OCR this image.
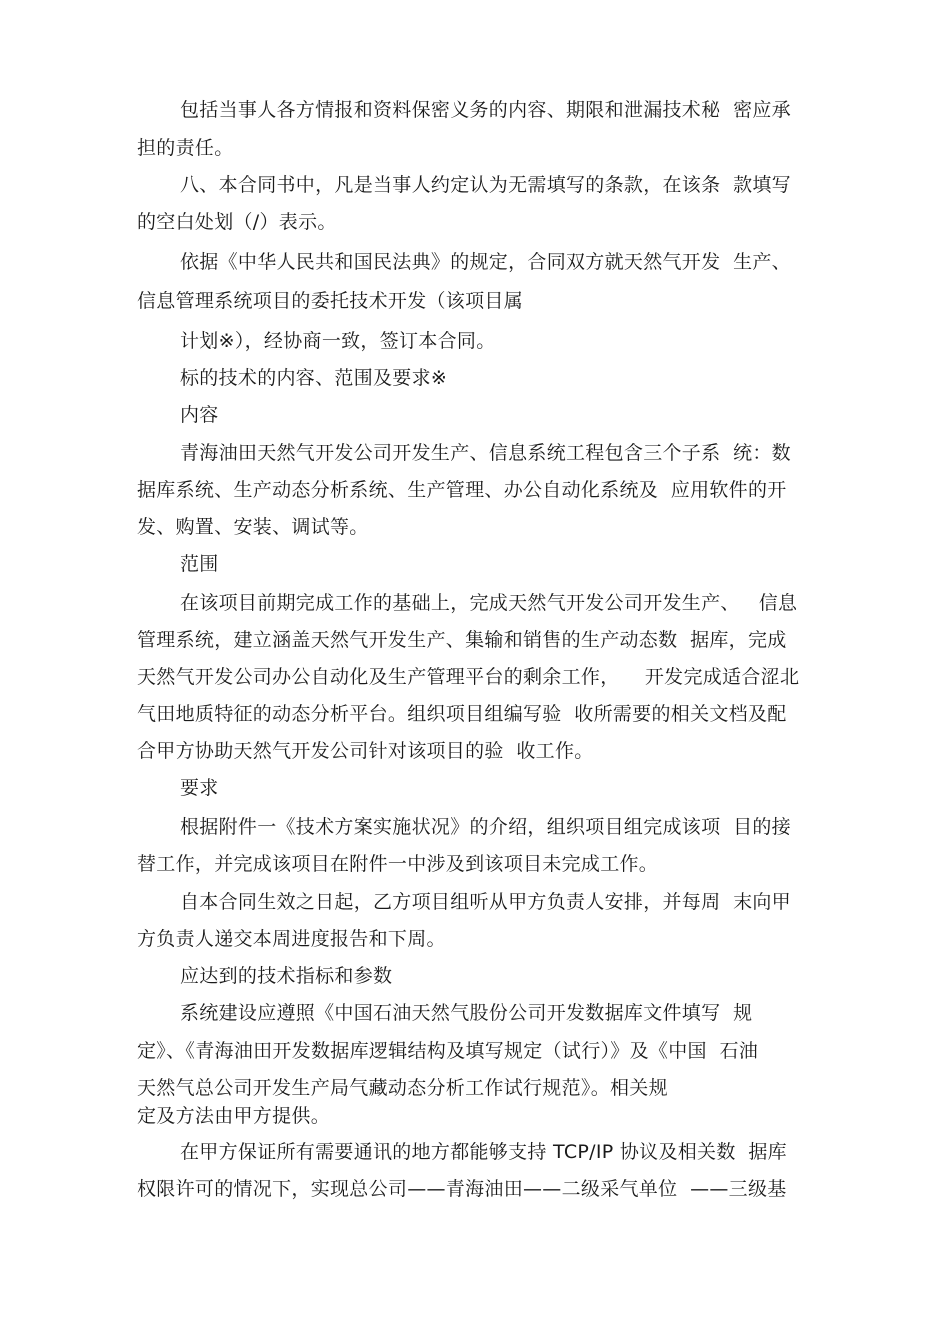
包括当事人各方情报和资料保密义务的内容、期限和泄漏技术秘  密应承
担的责任。
八、本合同书中，凡是当事人约定认为无需填写的条款，在该条  款填写
的空白处划（/）表示。
依据《中华人民共和国民法典》的规定，合同双方就天然气开发  生产、
信息管理系统项目的委托技术开发（该项目属
计划※），经协商一致，签订本合同。
标的技术的内容、范围及要求※
内容
青海油田天然气开发公司开发生产、信息系统工程包含三个子系  统：数
据库系统、生产动态分析系统、生产管理、办公自动化系统及  应用软件的开
发、购置、安装、调试等。
范围
在该项目前期完成工作的基础上，完成天然气开发公司开发生产、   信息
管理系统，建立涵盖天然气开发生产、集输和销售的生产动态数  据库，完成
天然气开发公司办公自动化及生产管理平台的剩余工作，    开发完成适合涩北
气田地质特征的动态分析平台。组织项目组编写验  收所需要的相关文档及配
合甲方协助天然气开发公司针对该项目的验  收工作。
要求
根据附件一《技术方案实施状况》的介绍，组织项目组完成该项  目的接
替工作，并完成该项目在附件一中涉及到该项目未完成工作。
自本合同生效之日起，乙方项目组听从甲方负责人安排，并每周  末向甲
方负责人递交本周进度报告和下周。
应达到的技术指标和参数
系统建设应遵照《中国石油天然气股份公司开发数据库文件填写  规
定》、《青海油田开发数据库逻辑结构及填写规定（试行）》及《中国  石油
天然气总公司开发生产局气藏动态分析工作试行规范》。相关规
定及方法由甲方提供。
在甲方保证所有需要通讯的地方都能够支持 TCP/IP 协议及相关数  据库
权限许可的情况下，实现总公司——青海油田——二级采气单位  ——三级基
